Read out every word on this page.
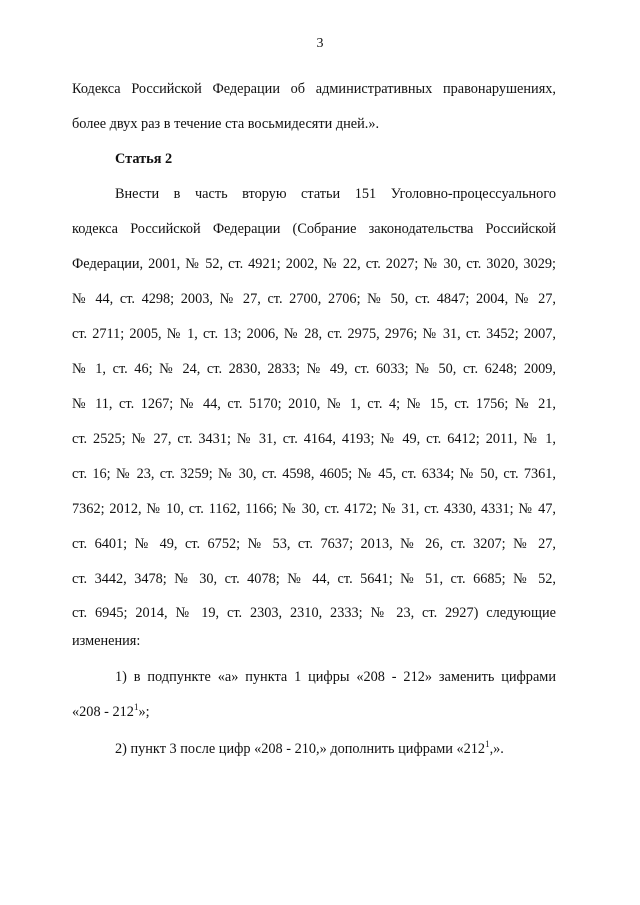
3
Кодекса Российской Федерации об административных правонарушениях,
более двух раз в течение ста восьмидесяти дней.».
Статья 2
Внести в часть вторую статьи 151 Уголовно-процессуального
кодекса Российской Федерации (Собрание законодательства Российской
Федерации, 2001, № 52, ст. 4921; 2002, № 22, ст. 2027; № 30, ст. 3020, 3029;
№ 44, ст. 4298; 2003, № 27, ст. 2700, 2706; № 50, ст. 4847; 2004, № 27,
ст. 2711; 2005, № 1, ст. 13; 2006, № 28, ст. 2975, 2976; № 31, ст. 3452; 2007,
№ 1, ст. 46; № 24, ст. 2830, 2833; № 49, ст. 6033; № 50, ст. 6248; 2009,
№ 11, ст. 1267; № 44, ст. 5170; 2010, № 1, ст. 4; № 15, ст. 1756; № 21,
ст. 2525; № 27, ст. 3431; № 31, ст. 4164, 4193; № 49, ст. 6412; 2011, № 1,
ст. 16; № 23, ст. 3259; № 30, ст. 4598, 4605; № 45, ст. 6334; № 50, ст. 7361,
7362; 2012, № 10, ст. 1162, 1166; № 30, ст. 4172; № 31, ст. 4330, 4331; № 47,
ст. 6401; № 49, ст. 6752; № 53, ст. 7637; 2013, № 26, ст. 3207; № 27,
ст. 3442, 3478; № 30, ст. 4078; № 44, ст. 5641; № 51, ст. 6685; № 52,
ст. 6945; 2014, № 19, ст. 2303, 2310, 2333; № 23, ст. 2927) следующие
изменения:
1) в подпункте «а» пункта 1 цифры «208 - 212» заменить цифрами
«$208 - 212^1$»;
2) пункт 3 после цифр «208 - 210,» дополнить цифрами «$212^1$,».
